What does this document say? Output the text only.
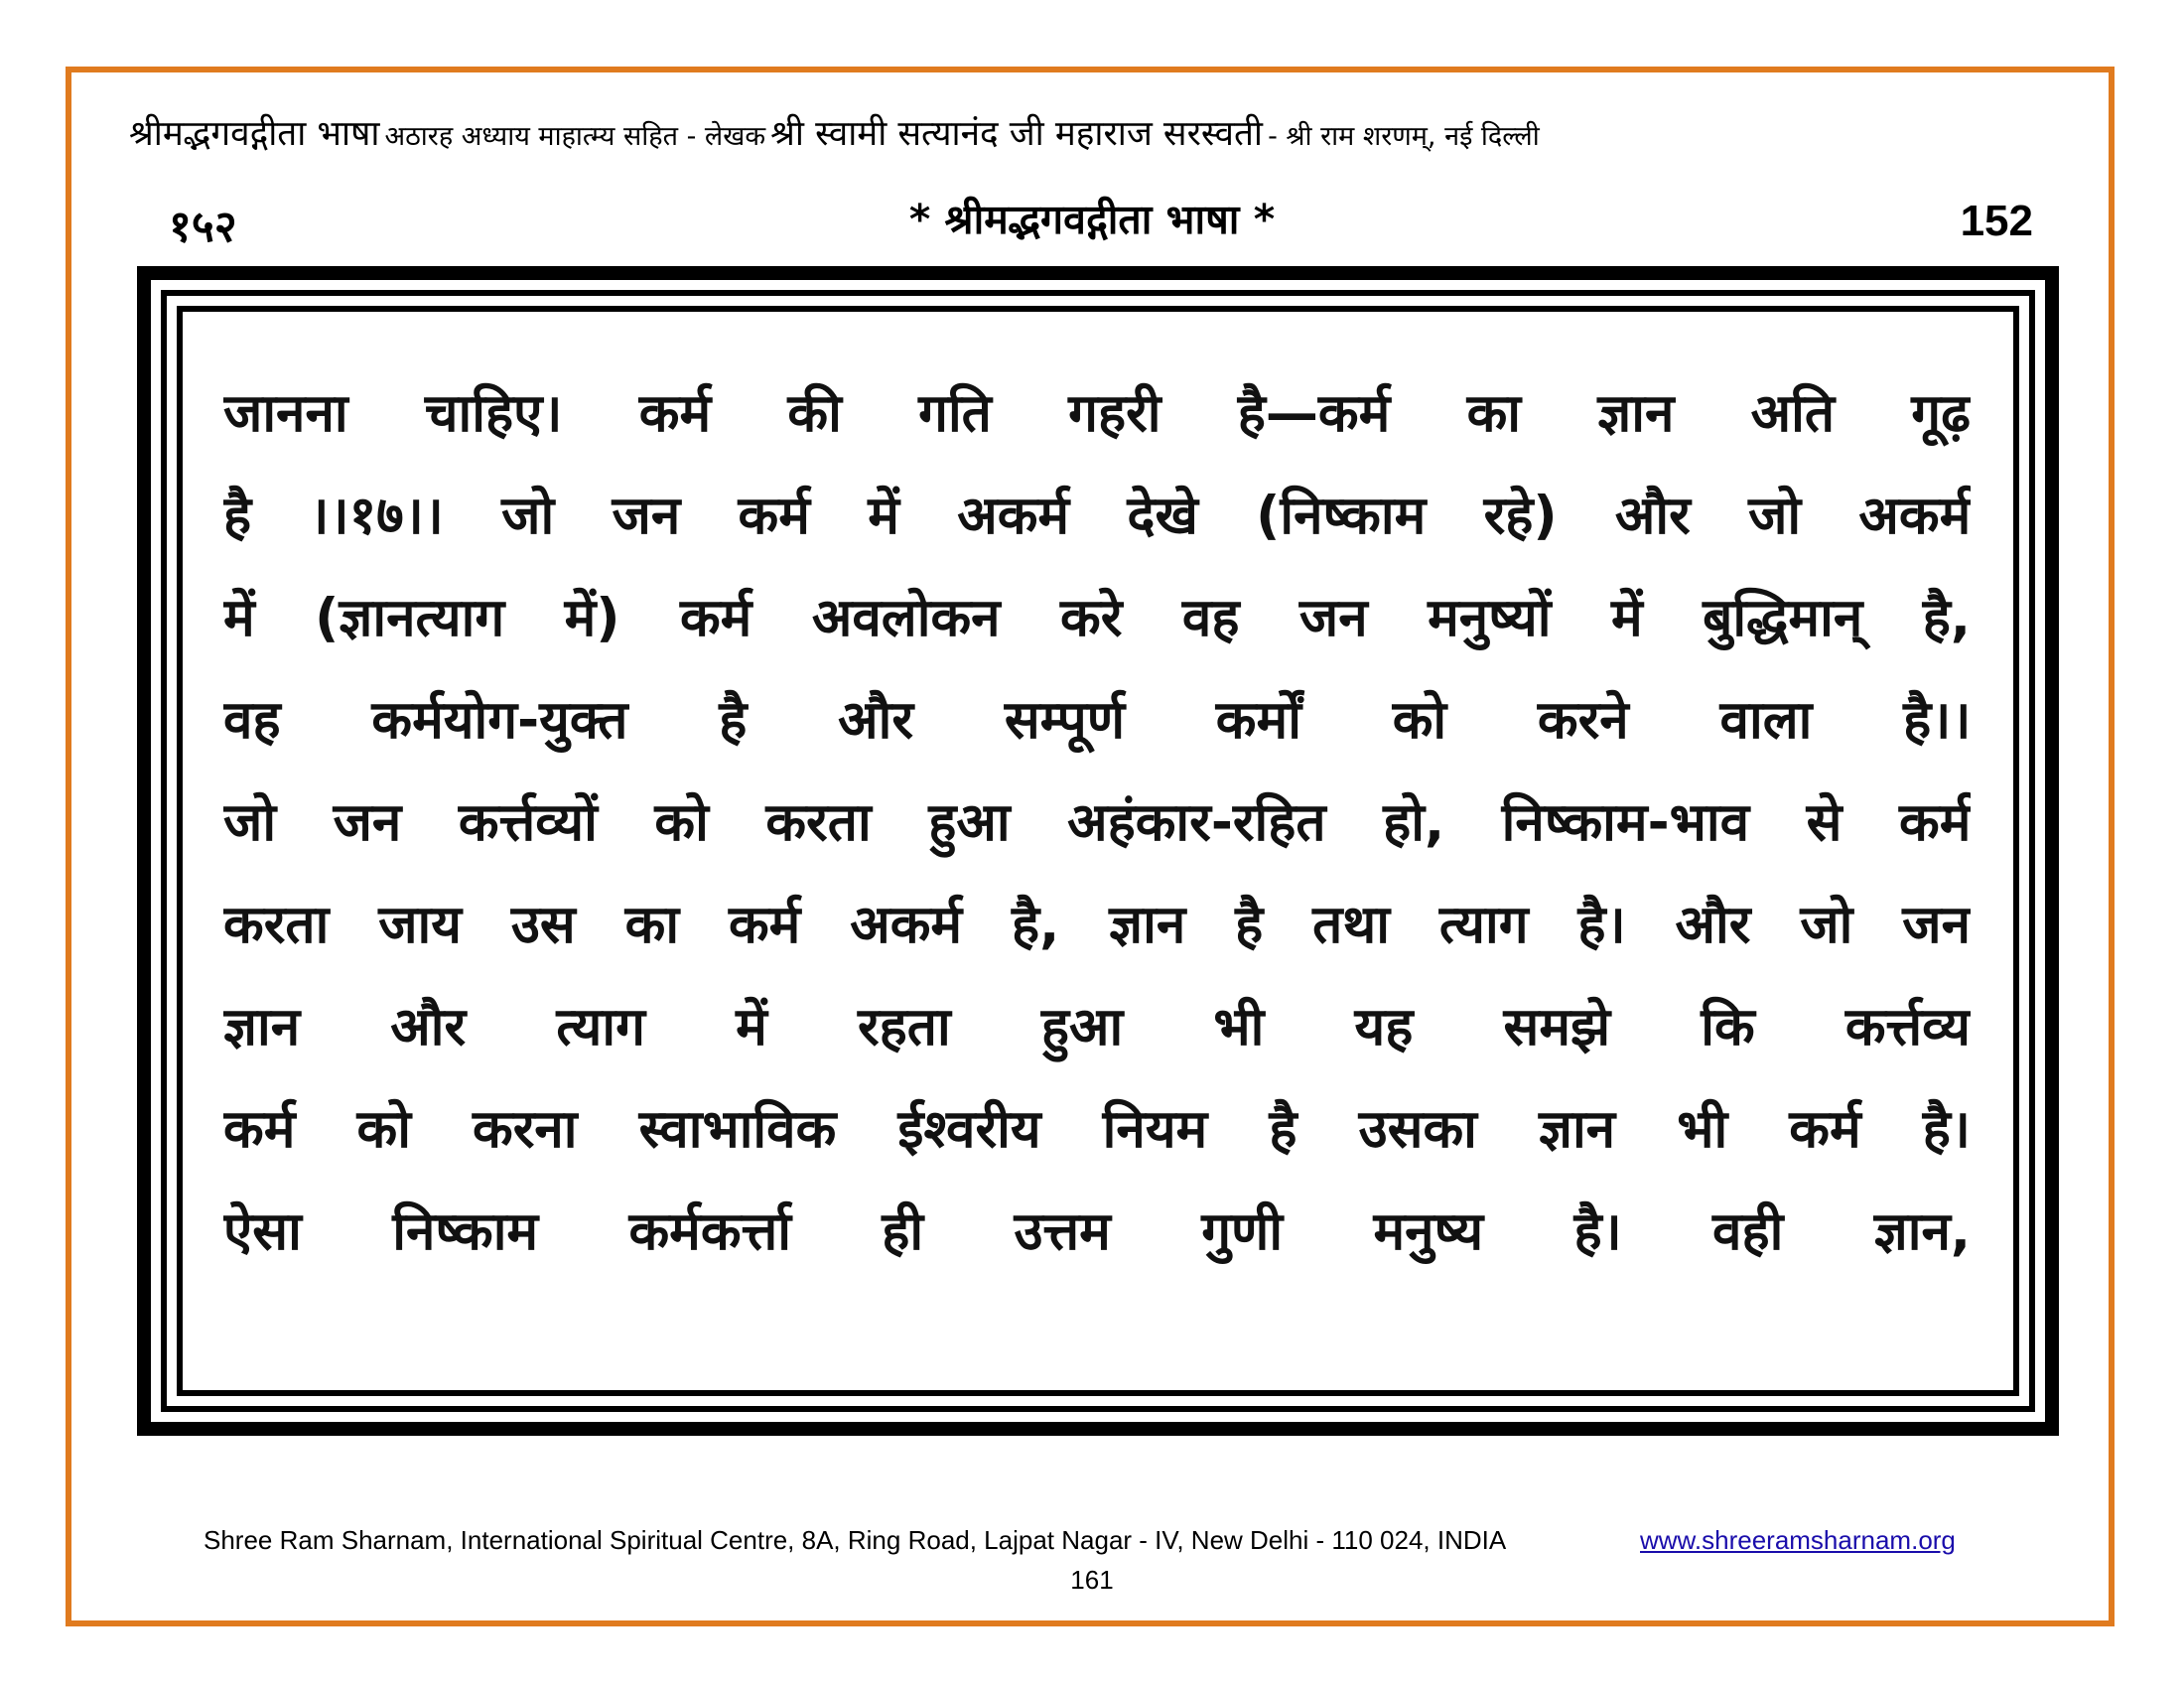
श्रीमद्भगवद्गीता भाषा अठारह अध्याय माहात्म्य सहित - लेखक श्री स्वामी सत्यानंद जी महाराज सरस्वती - श्री राम शरणम्, नई दिल्ली
१५२	* श्रीमद्भगवद्गीता भाषा *	152
जानना चाहिए। कर्म की गति गहरी है—कर्म का ज्ञान अति गूढ़
है ।।१७।। जो जन कर्म में अकर्म देखे (निष्काम रहे) और जो अकर्म
में (ज्ञानत्याग में) कर्म अवलोकन करे वह जन मनुष्यों में बुद्धिमान् है,
वह कर्मयोग-युक्त है और सम्पूर्ण कर्मों को करने वाला है।।
जो जन कर्त्तव्यों को करता हुआ अहंकार-रहित हो, निष्काम-भाव से कर्म
करता जाय उस का कर्म अकर्म है, ज्ञान है तथा त्याग है। और जो जन
ज्ञान और त्याग में रहता हुआ भी यह समझे कि कर्त्तव्य
कर्म को करना स्वाभाविक ईश्वरीय नियम है उसका ज्ञान भी कर्म है।
ऐसा निष्काम कर्मकर्त्ता ही उत्तम गुणी मनुष्य है। वही ज्ञान,
Shree Ram Sharnam, International Spiritual Centre, 8A, Ring Road, Lajpat Nagar - IV, New Delhi - 110 024, INDIA	www.shreeramsharnam.org
161
